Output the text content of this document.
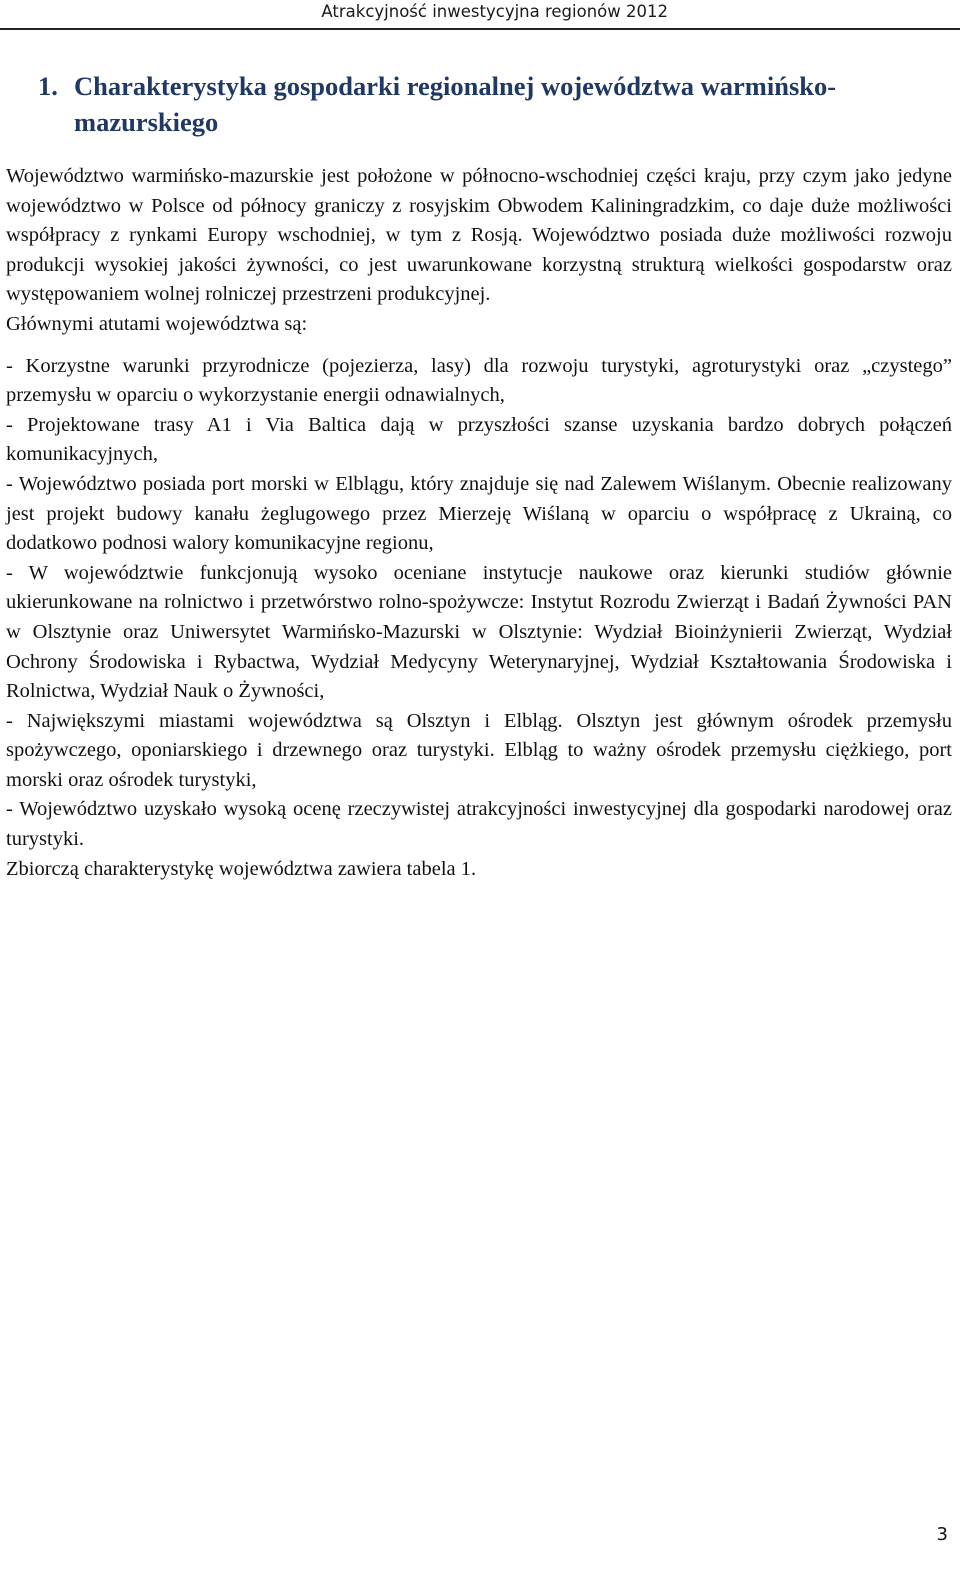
Atrakcyjność inwestycyjna regionów 2012
1. Charakterystyka gospodarki regionalnej województwa warmińsko-
mazurskiego

Województwo warmińsko-mazurskie jest położone w północno-wschodniej części kraju, przy czym jako jedyne województwo w Polsce od północy graniczy z rosyjskim Obwodem Kaliningradzkim, co daje duże możliwości współpracy z rynkami Europy wschodniej, w tym z Rosją. Województwo posiada duże możliwości rozwoju produkcji wysokiej jakości żywności, co jest uwarunkowane korzystną strukturą wielkości gospodarstw oraz występowaniem wolnej rolniczej przestrzeni produkcyjnej.

Głównymi atutami województwa są:

- Korzystne warunki przyrodnicze (pojezierza, lasy) dla rozwoju turystyki, agroturystyki oraz „czystego” przemysłu w oparciu o wykorzystanie energii odnawialnych,

- Projektowane trasy A1 i Via Baltica dają w przyszłości szanse uzyskania bardzo dobrych połączeń komunikacyjnych,

- Województwo posiada port morski w Elblągu, który znajduje się nad Zalewem Wiślanym. Obecnie realizowany jest projekt budowy kanału żeglugowego przez Mierzeję Wiślaną w oparciu o współpracę z Ukrainą, co dodatkowo podnosi walory komunikacyjne regionu,

- W województwie funkcjonują wysoko oceniane instytucje naukowe oraz kierunki studiów głównie ukierunkowane na rolnictwo i przetwórstwo rolno-spożywcze: Instytut Rozrodu Zwierząt i Badań Żywności PAN w Olsztynie oraz Uniwersytet Warmińsko-Mazurski w Olsztynie: Wydział Bioinżynierii Zwierząt, Wydział Ochrony Środowiska i Rybactwa, Wydział Medycyny Weterynaryjnej, Wydział Kształtowania Środowiska i Rolnictwa, Wydział Nauk o Żywności,

- Największymi miastami województwa są Olsztyn i Elbląg. Olsztyn jest głównym ośrodek przemysłu spożywczego, oponiarskiego i drzewnego oraz turystyki. Elbląg to ważny ośrodek przemysłu ciężkiego, port morski oraz ośrodek turystyki,

- Województwo uzyskało wysoką ocenę rzeczywistej atrakcyjności inwestycyjnej dla gospodarki narodowej oraz turystyki.

Zbiorczą charakterystykę województwa zawiera tabela 1.

3
